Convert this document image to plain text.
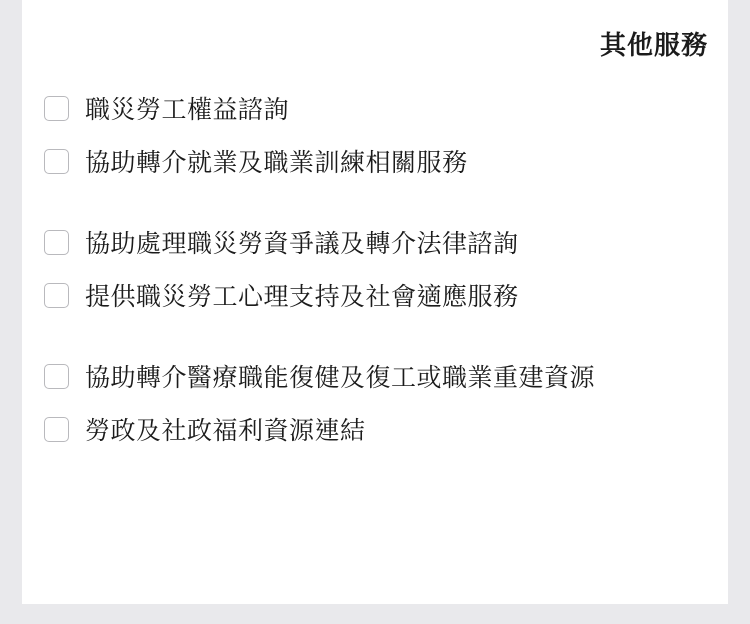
其他服務
職災勞工權益諮詢
協助轉介就業及職業訓練相關服務
協助處理職災勞資爭議及轉介法律諮詢
提供職災勞工心理支持及社會適應服務
協助轉介醫療職能復健及復工或職業重建資源
勞政及社政福利資源連結
